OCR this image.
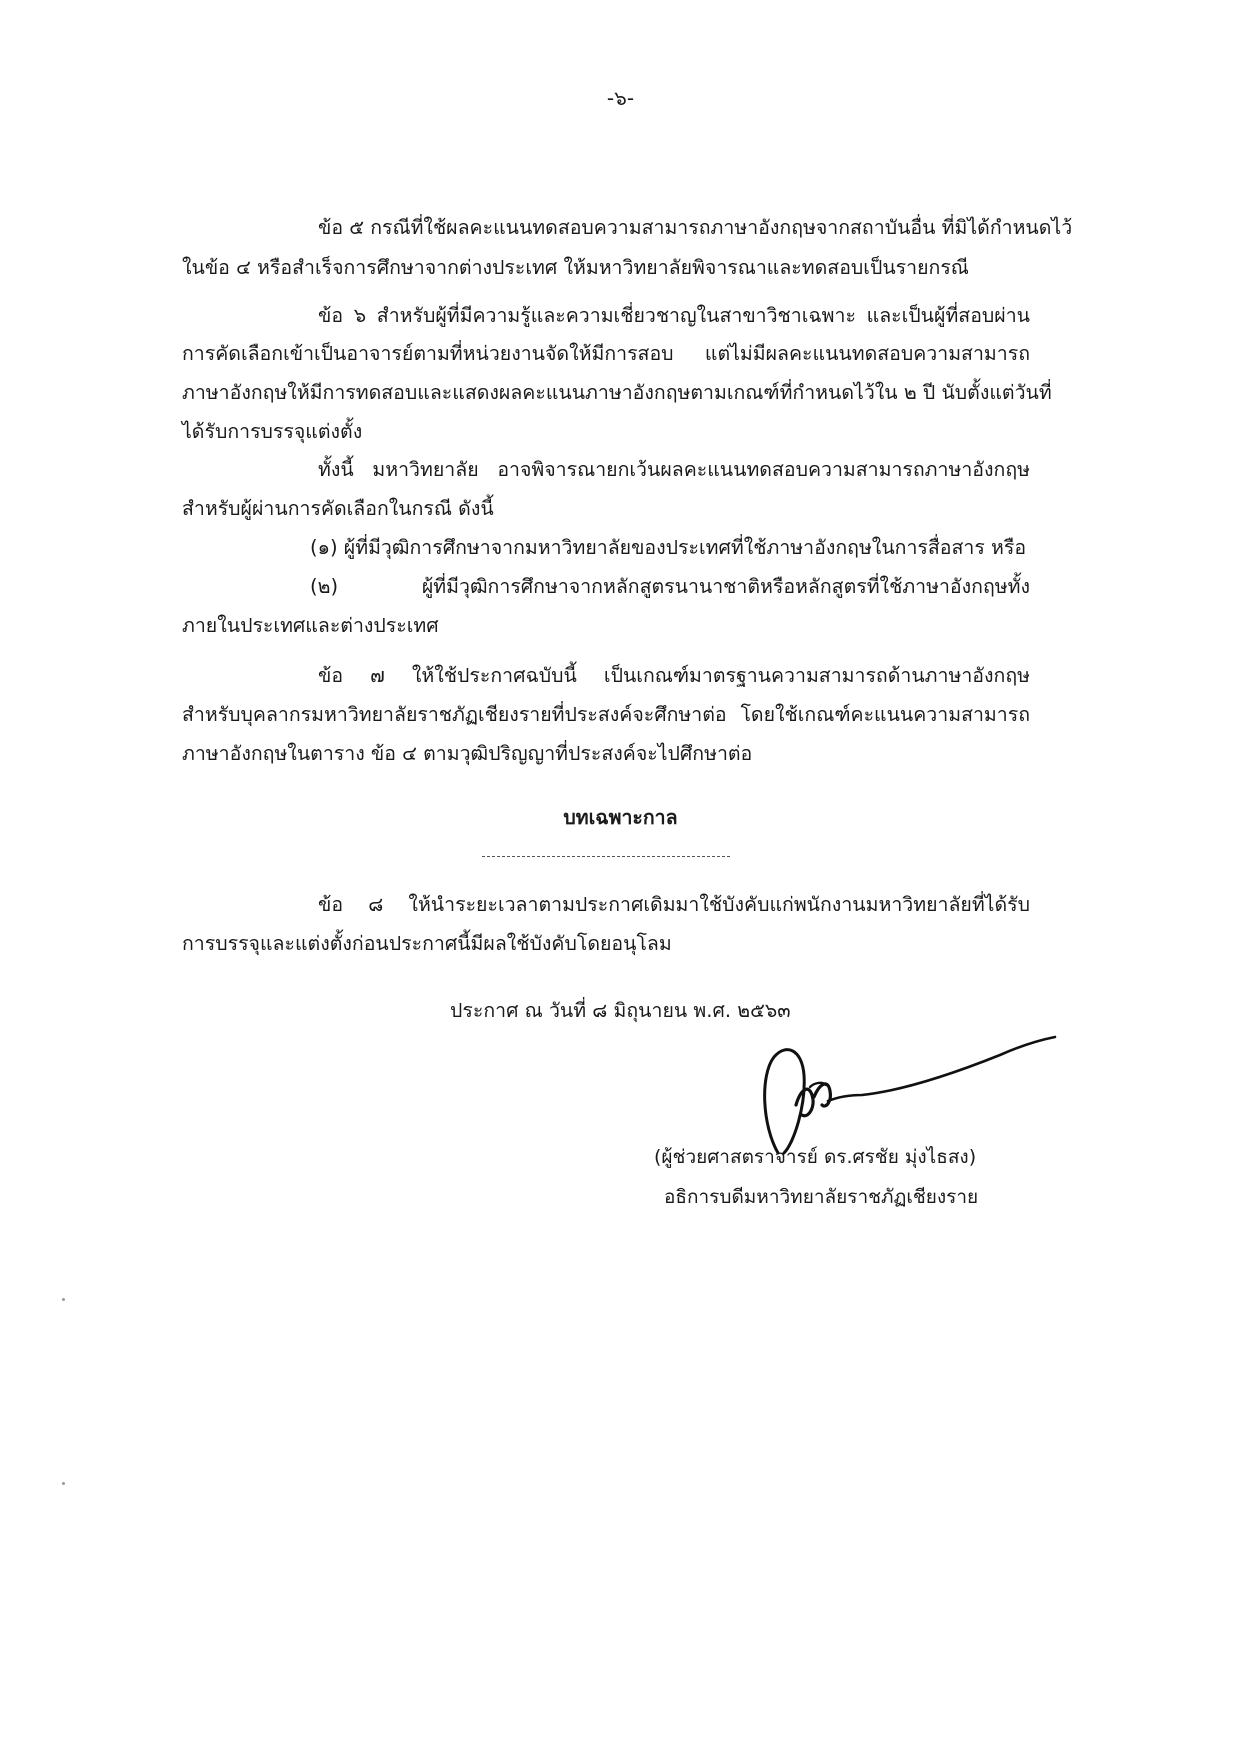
-๖-
ข้อ ๕ กรณีที่ใช้ผลคะแนนทดสอบความสามารถภาษาอังกฤษจากสถาบันอื่น ที่มิได้กำหนดไว้
ในข้อ ๔ หรือสำเร็จการศึกษาจากต่างประเทศ ให้มหาวิทยาลัยพิจารณาและทดสอบเป็นรายกรณี
ข้อ ๖ สำหรับผู้ที่มีความรู้และความเชี่ยวชาญในสาขาวิชาเฉพาะ และเป็นผู้ที่สอบผ่าน
การคัดเลือกเข้าเป็นอาจารย์ตามที่หน่วยงานจัดให้มีการสอบ แต่ไม่มีผลคะแนนทดสอบความสามารถ
ภาษาอังกฤษให้มีการทดสอบและแสดงผลคะแนนภาษาอังกฤษตามเกณฑ์ที่กำหนดไว้ใน ๒ ปี นับตั้งแต่วันที่
ได้รับการบรรจุแต่งตั้ง
ทั้งนี้ มหาวิทยาลัย อาจพิจารณายกเว้นผลคะแนนทดสอบความสามารถภาษาอังกฤษ
สำหรับผู้ผ่านการคัดเลือกในกรณี ดังนี้
(๑) ผู้ที่มีวุฒิการศึกษาจากมหาวิทยาลัยของประเทศที่ใช้ภาษาอังกฤษในการสื่อสาร หรือ
(๒) ผู้ที่มีวุฒิการศึกษาจากหลักสูตรนานาชาติหรือหลักสูตรที่ใช้ภาษาอังกฤษทั้ง
ภายในประเทศและต่างประเทศ
ข้อ ๗ ให้ใช้ประกาศฉบับนี้ เป็นเกณฑ์มาตรฐานความสามารถด้านภาษาอังกฤษ
สำหรับบุคลากรมหาวิทยาลัยราชภัฏเชียงรายที่ประสงค์จะศึกษาต่อ โดยใช้เกณฑ์คะแนนความสามารถ
ภาษาอังกฤษในตาราง ข้อ ๔ ตามวุฒิปริญญาที่ประสงค์จะไปศึกษาต่อ
บทเฉพาะกาล
ข้อ ๘ ให้นำระยะเวลาตามประกาศเดิมมาใช้บังคับแก่พนักงานมหาวิทยาลัยที่ได้รับ
การบรรจุและแต่งตั้งก่อนประกาศนี้มีผลใช้บังคับโดยอนุโลม
ประกาศ ณ วันที่ ๘ มิถุนายน พ.ศ. ๒๕๖๓
(ผู้ช่วยศาสตราจารย์ ดร.ศรชัย มุ่งไธสง)
อธิการบดีมหาวิทยาลัยราชภัฏเชียงราย
